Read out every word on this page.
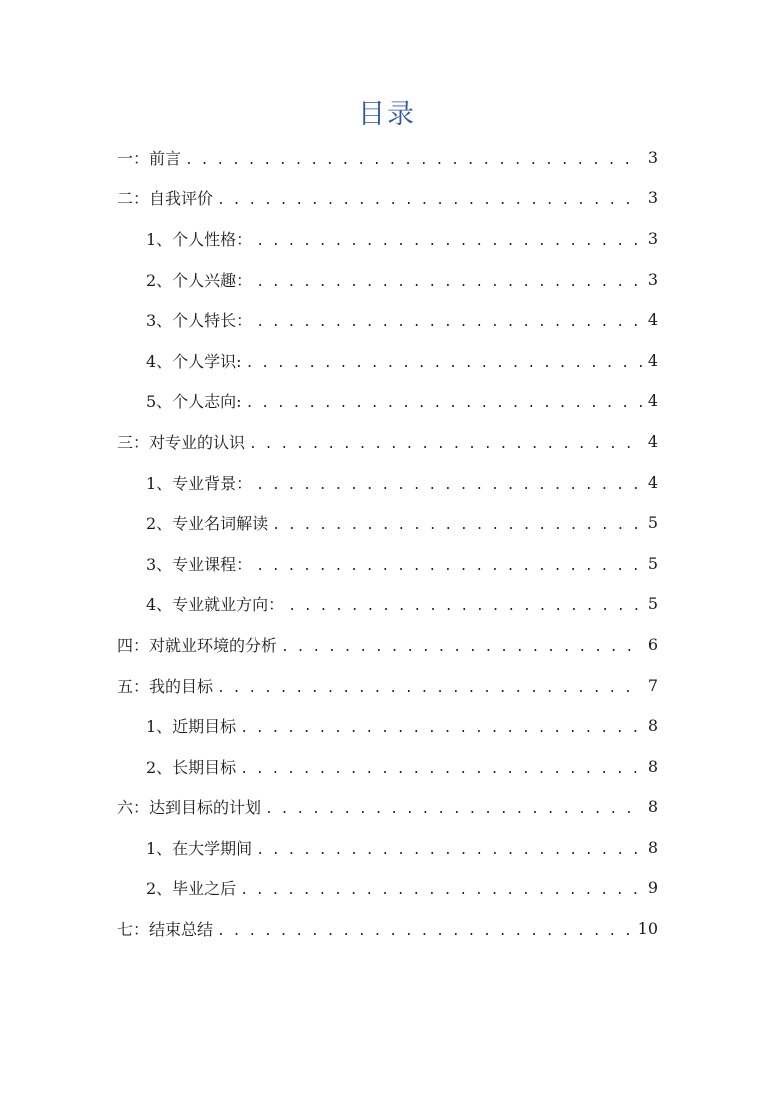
目录
一：前言 . . .	3
二：自我评价 . . .	3
1、个人性格： . . .	3
2、个人兴趣： . . .	3
3、个人特长： . . .	4
4、个人学识: . . .	4
5、个人志向: . . .	4
三：对专业的认识 . . .	4
1、专业背景： . . .	4
2、专业名词解读 . . .	5
3、专业课程： . . .	5
4、专业就业方向： . . .	5
四：对就业环境的分析 . . .	6
五：我的目标 . . .	7
1、近期目标 . . .	8
2、长期目标 . . .	8
六：达到目标的计划 . . .	8
1、在大学期间 . . .	8
2、毕业之后 . . .	9
七：结束总结 . . .	10
